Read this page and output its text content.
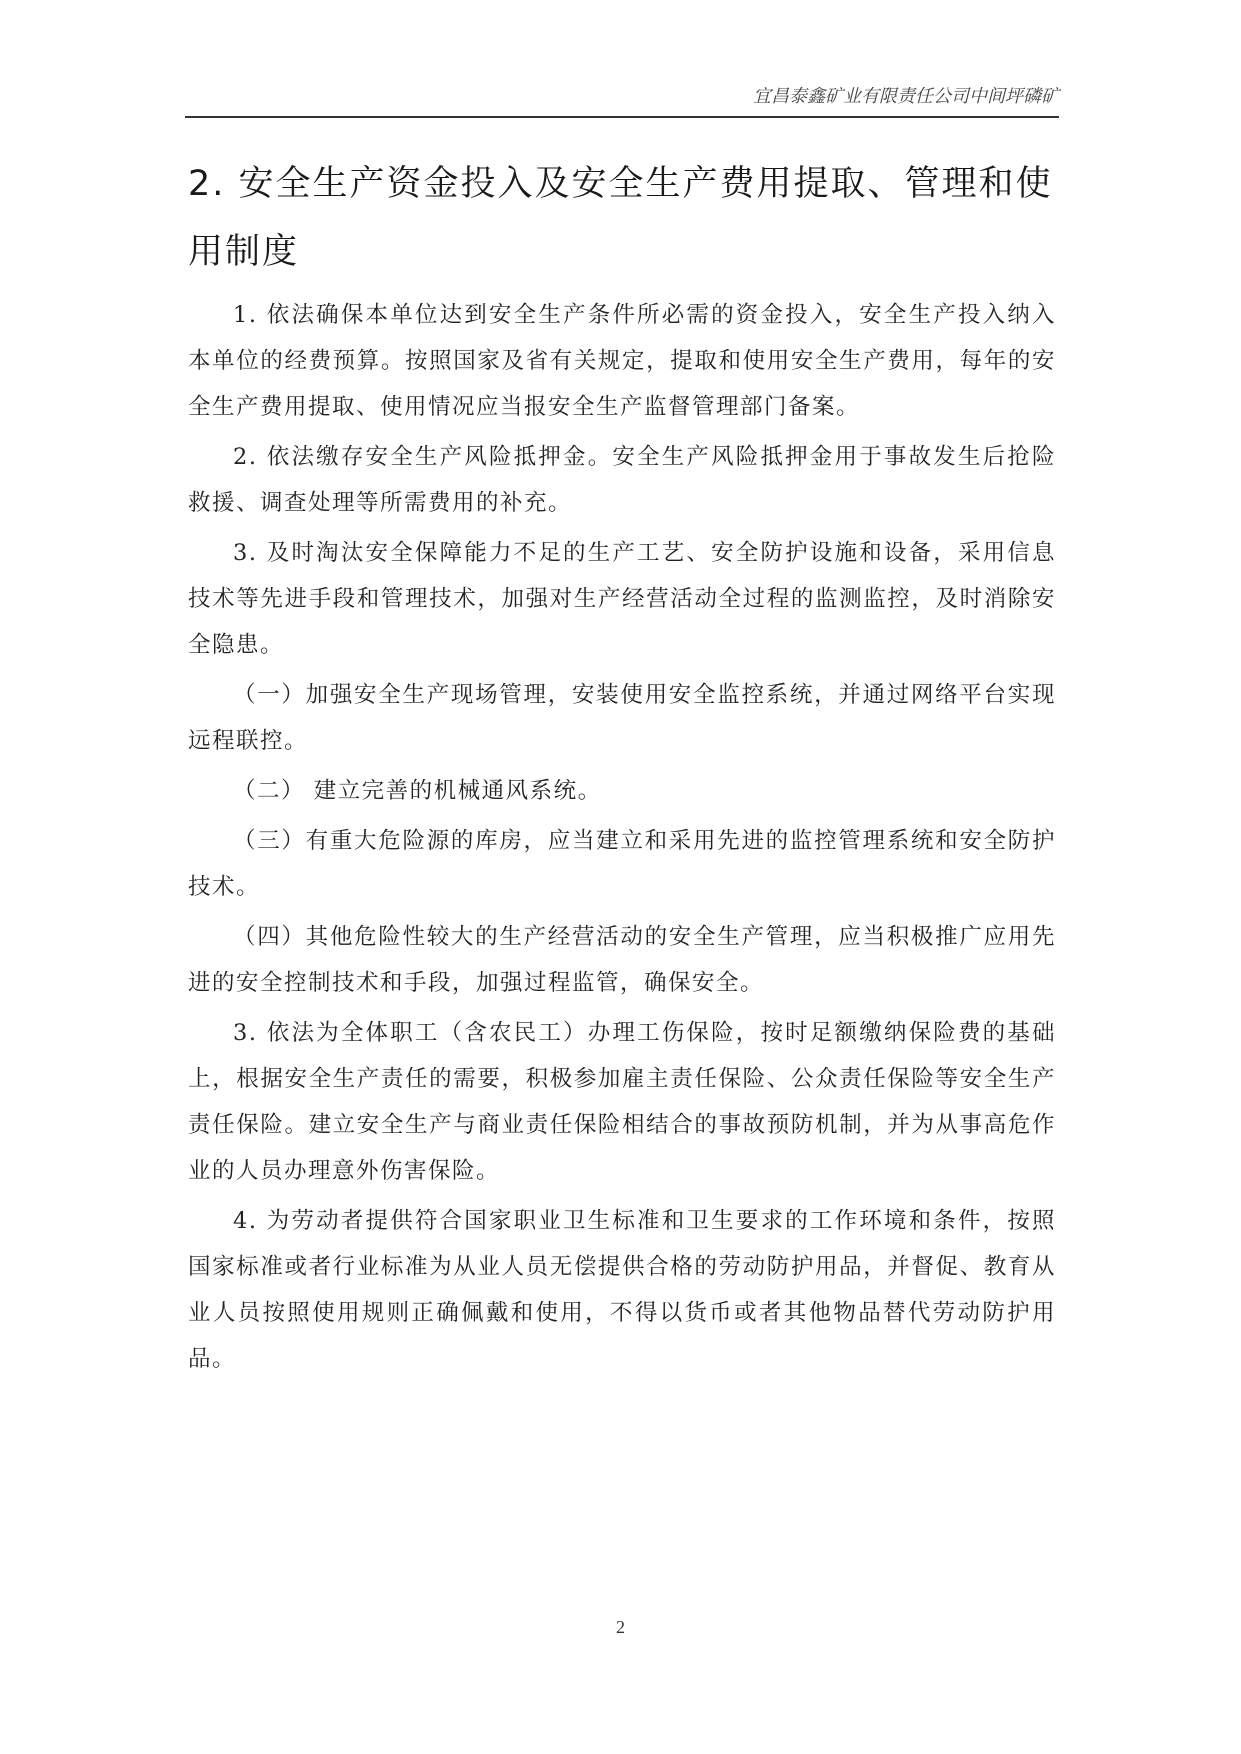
宜昌泰鑫矿业有限责任公司中间坪磷矿
2. 安全生产资金投入及安全生产费用提取、管理和使用制度

1. 依法确保本单位达到安全生产条件所必需的资金投入，安全生产投入纳入本单位的经费预算。按照国家及省有关规定，提取和使用安全生产费用，每年的安全生产费用提取、使用情况应当报安全生产监督管理部门备案。

2. 依法缴存安全生产风险抵押金。安全生产风险抵押金用于事故发生后抢险救援、调查处理等所需费用的补充。

3. 及时淘汰安全保障能力不足的生产工艺、安全防护设施和设备，采用信息技术等先进手段和管理技术，加强对生产经营活动全过程的监测监控，及时消除安全隐患。

（一）加强安全生产现场管理，安装使用安全监控系统，并通过网络平台实现远程联控。

（二） 建立完善的机械通风系统。

（三）有重大危险源的库房，应当建立和采用先进的监控管理系统和安全防护技术。

（四）其他危险性较大的生产经营活动的安全生产管理，应当积极推广应用先进的安全控制技术和手段，加强过程监管，确保安全。

3. 依法为全体职工（含农民工）办理工伤保险，按时足额缴纳保险费的基础上，根据安全生产责任的需要，积极参加雇主责任保险、公众责任保险等安全生产责任保险。建立安全生产与商业责任保险相结合的事故预防机制，并为从事高危作业的人员办理意外伤害保险。

4. 为劳动者提供符合国家职业卫生标准和卫生要求的工作环境和条件，按照国家标准或者行业标准为从业人员无偿提供合格的劳动防护用品，并督促、教育从业人员按照使用规则正确佩戴和使用，不得以货币或者其他物品替代劳动防护用品。

2
